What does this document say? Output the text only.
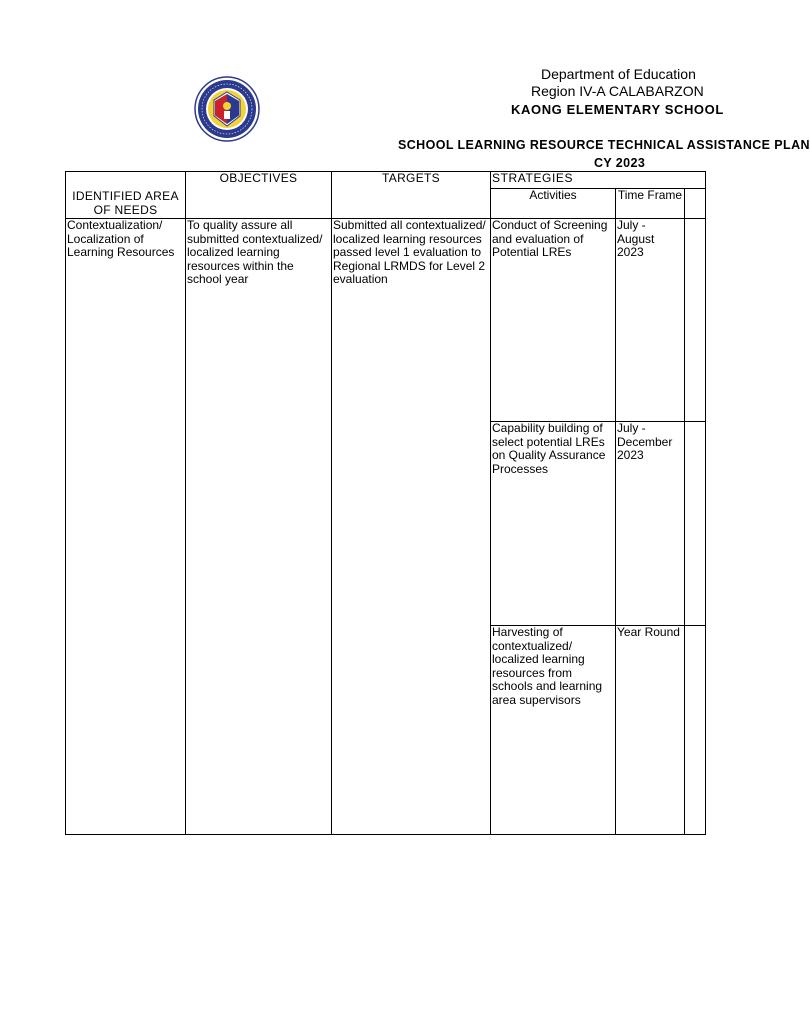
Department of Education
Region IV-A CALABARZON
KAONG ELEMENTARY SCHOOL
SCHOOL LEARNING RESOURCE TECHNICAL ASSISTANCE PLAN
CY 2023
IDENTIFIED AREA OF NEEDS	OBJECTIVES	TARGETS	STRATEGIES		
			Activities	Time Frame	
Contextualization/ Localization of Learning Resources	To quality assure all submitted contextualized/ localized learning resources within the school year	Submitted all contextualized/ localized learning resources passed level 1 evaluation to Regional LRMDS for Level 2 evaluation	Conduct of Screening and evaluation of Potential LREs	July - August 2023	
			Capability building of select potential LREs on Quality Assurance Processes	July - December 2023	
			Harvesting of contextualized/ localized learning resources from schools and learning area supervisors	Year Round	
